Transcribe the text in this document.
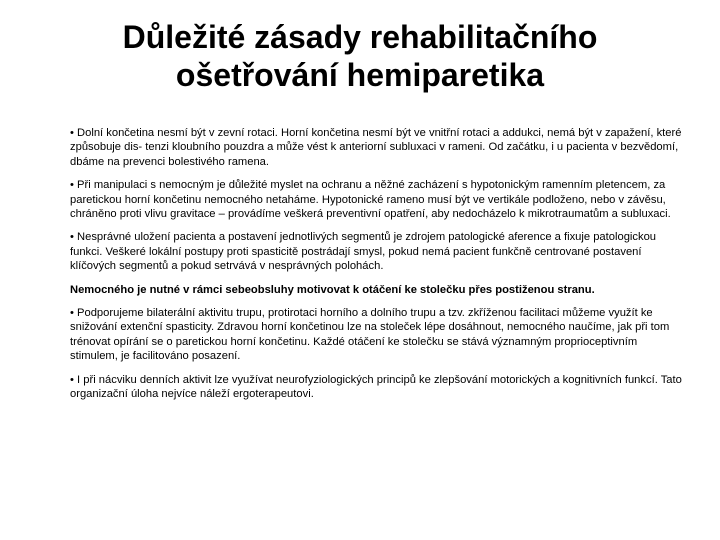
Důležité zásady rehabilitačního ošetřování hemiparetika

• Dolní končetina nesmí být v zevní rotaci. Horní končetina nesmí být ve vnitřní rotaci a addukci, nemá být v zapažení, které způsobuje dis- tenzi kloubního pouzdra a může vést k anteriorní subluxaci v rameni. Od začátku, i u pacienta v bezvědomí, dbáme na prevenci bolestivého ramena.

• Při manipulaci s nemocným je důležité myslet na ochranu a něžné zacházení s hypotonickým ramenním pletencem, za paretickou horní končetinu nemocného netaháme. Hypotonické rameno musí být ve vertikále podloženo, nebo v závěsu, chráněno proti vlivu gravitace – provádíme veškerá preventivní opatření, aby nedocházelo k mikrotraumatům a subluxaci.

• Nesprávné uložení pacienta a postavení jednotlivých segmentů je zdrojem patologické aference a fixuje patologickou funkci. Veškeré lokální postupy proti spasticitě postrádají smysl, pokud nemá pacient funkčně centrované postavení klíčových segmentů a pokud setrvává v nesprávných polohách.

Nemocného je nutné v rámci sebeobsluhy motivovat k otáčení ke stolečku přes postiženou stranu.

• Podporujeme bilaterální aktivitu trupu, protirotaci horního a dolního trupu a tzv. zkříženou facilitaci můžeme využít ke snižování extenční spasticity. Zdravou horní končetinou lze na stoleček lépe dosáhnout, nemocného naučíme, jak při tom trénovat opírání se o paretickou horní končetinu. Každé otáčení ke stolečku se stává významným proprioceptivním stimulem, je facilitováno posazení.

• I při nácviku denních aktivit lze využívat neurofyziologických principů ke zlepšování motorických a kognitivních funkcí. Tato organizační úloha nejvíce náleží ergoterapeutovi.
